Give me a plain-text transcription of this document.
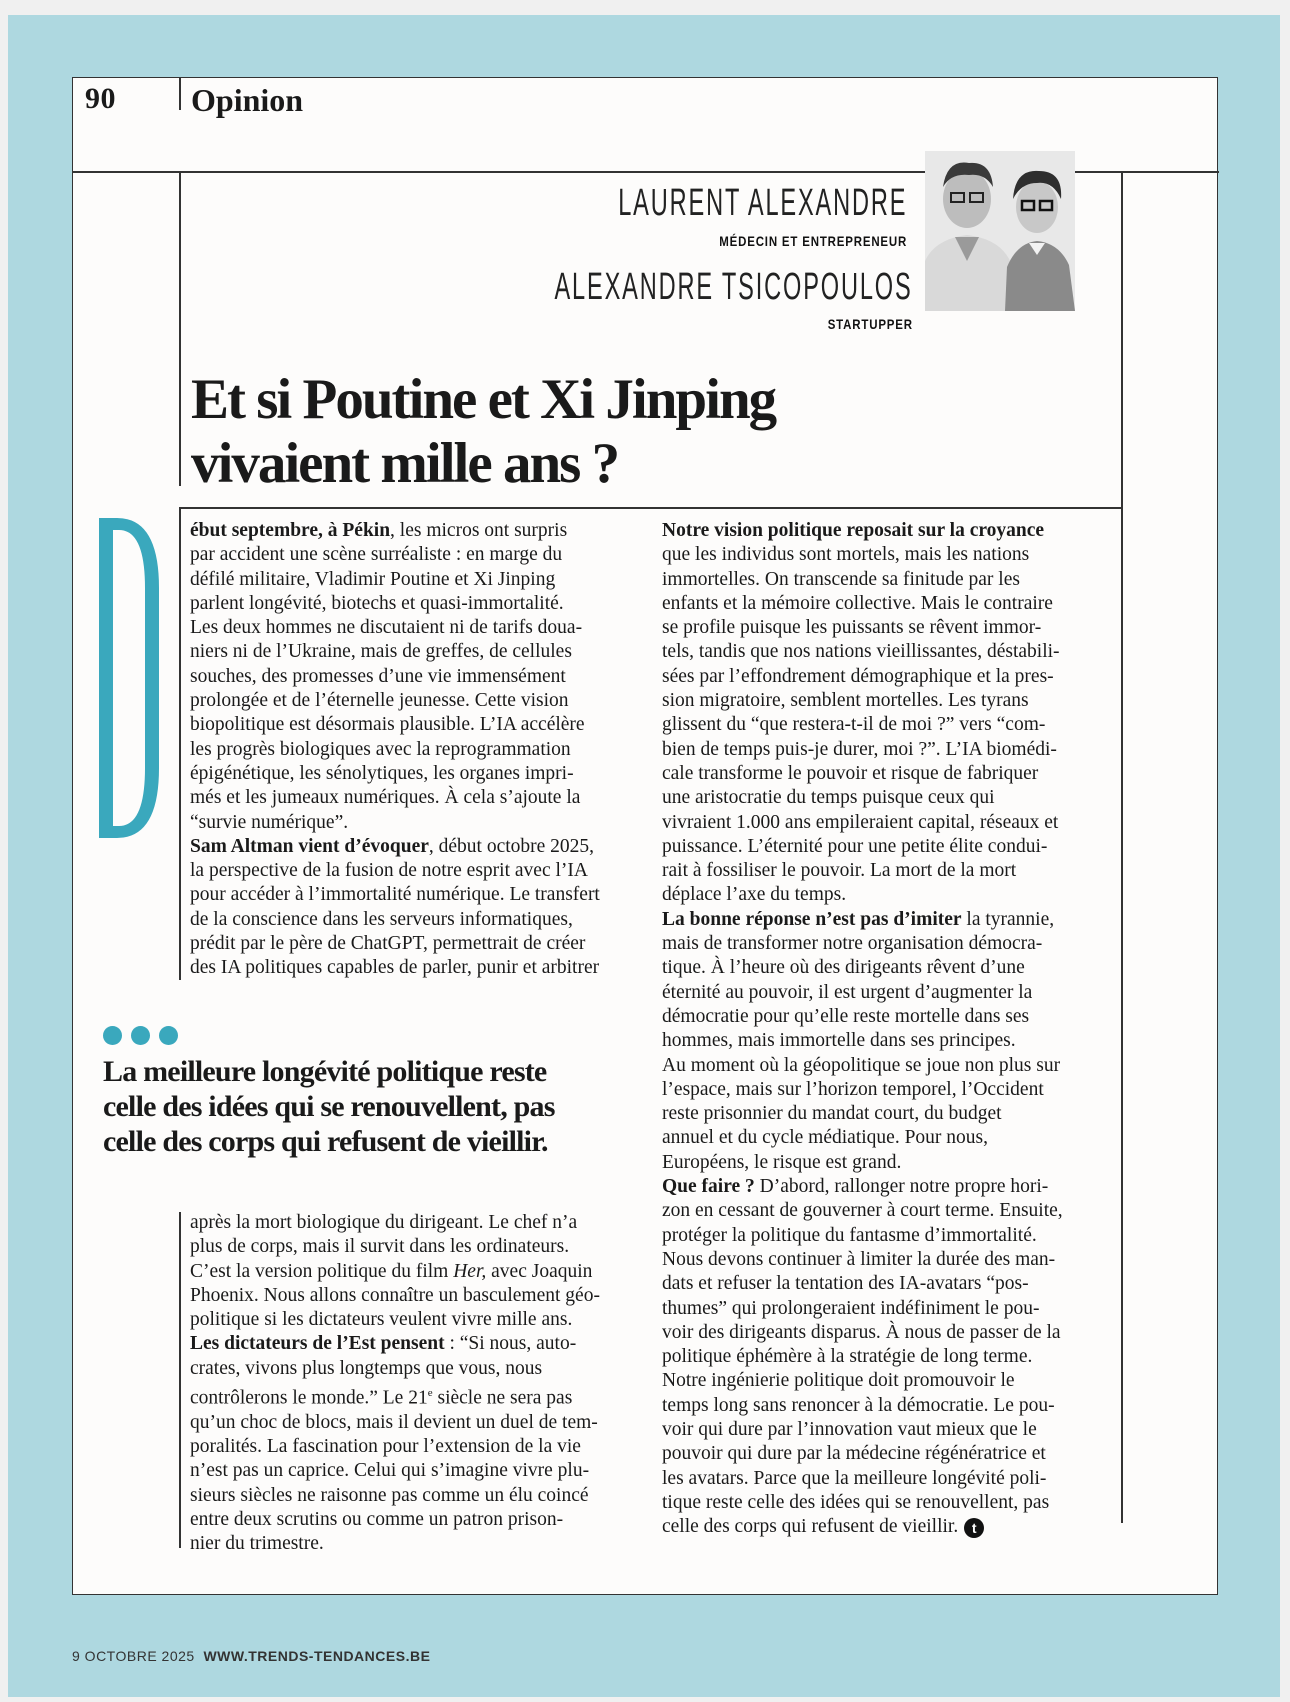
90 Opinion
LAURENT ALEXANDRE
MÉDECIN ET ENTREPRENEUR
ALEXANDRE TSICOPOULOS
STARTUPPER
Et si Poutine et Xi Jinping
vivaient mille ans ?
ébut septembre, à Pékin, les micros ont surpris
par accident une scène surréaliste : en marge du
défilé militaire, Vladimir Poutine et Xi Jinping
parlent longévité, biotechs et quasi-immortalité.
Les deux hommes ne discutaient ni de tarifs doua-
niers ni de l’Ukraine, mais de greffes, de cellules
souches, des promesses d’une vie immensément
prolongée et de l’éternelle jeunesse. Cette vision
biopolitique est désormais plausible. L’IA accélère
les progrès biologiques avec la reprogrammation
épigénétique, les sénolytiques, les organes impri-
més et les jumeaux numériques. À cela s’ajoute la
“survie numérique”.
Sam Altman vient d’évoquer, début octobre 2025,
la perspective de la fusion de notre esprit avec l’IA
pour accéder à l’immortalité numérique. Le transfert
de la conscience dans les serveurs informatiques,
prédit par le père de ChatGPT, permettrait de créer
des IA politiques capables de parler, punir et arbitrer
La meilleure longévité politique reste
celle des idées qui se renouvellent, pas
celle des corps qui refusent de vieillir.
après la mort biologique du dirigeant. Le chef n’a
plus de corps, mais il survit dans les ordinateurs.
C’est la version politique du film Her, avec Joaquin
Phoenix. Nous allons connaître un basculement géo-
politique si les dictateurs veulent vivre mille ans.
Les dictateurs de l’Est pensent : “Si nous, auto-
crates, vivons plus longtemps que vous, nous
contrôlerons le monde.” Le 21e siècle ne sera pas
qu’un choc de blocs, mais il devient un duel de tem-
poralités. La fascination pour l’extension de la vie
n’est pas un caprice. Celui qui s’imagine vivre plu-
sieurs siècles ne raisonne pas comme un élu coincé
entre deux scrutins ou comme un patron prison-
nier du trimestre.
Notre vision politique reposait sur la croyance
que les individus sont mortels, mais les nations
immortelles. On transcende sa finitude par les
enfants et la mémoire collective. Mais le contraire
se profile puisque les puissants se rêvent immor-
tels, tandis que nos nations vieillissantes, déstabili-
sées par l’effondrement démographique et la pres-
sion migratoire, semblent mortelles. Les tyrans
glissent du “que restera-t-il de moi ?” vers “com-
bien de temps puis-je durer, moi ?”. L’IA biomédi-
cale transforme le pouvoir et risque de fabriquer
une aristocratie du temps puisque ceux qui
vivraient 1.000 ans empileraient capital, réseaux et
puissance. L’éternité pour une petite élite condui-
rait à fossiliser le pouvoir. La mort de la mort
déplace l’axe du temps.
La bonne réponse n’est pas d’imiter la tyrannie,
mais de transformer notre organisation démocra-
tique. À l’heure où des dirigeants rêvent d’une
éternité au pouvoir, il est urgent d’augmenter la
démocratie pour qu’elle reste mortelle dans ses
hommes, mais immortelle dans ses principes.
Au moment où la géopolitique se joue non plus sur
l’espace, mais sur l’horizon temporel, l’Occident
reste prisonnier du mandat court, du budget
annuel et du cycle médiatique. Pour nous,
Européens, le risque est grand.
Que faire ? D’abord, rallonger notre propre hori-
zon en cessant de gouverner à court terme. Ensuite,
protéger la politique du fantasme d’immortalité.
Nous devons continuer à limiter la durée des man-
dats et refuser la tentation des IA-avatars “pos-
thumes” qui prolongeraient indéfiniment le pou-
voir des dirigeants disparus. À nous de passer de la
politique éphémère à la stratégie de long terme.
Notre ingénierie politique doit promouvoir le
temps long sans renoncer à la démocratie. Le pou-
voir qui dure par l’innovation vaut mieux que le
pouvoir qui dure par la médecine régénératrice et
les avatars. Parce que la meilleure longévité poli-
tique reste celle des idées qui se renouvellent, pas
celle des corps qui refusent de vieillir. t
9 OCTOBRE 2025 WWW.TRENDS-TENDANCES.BE
